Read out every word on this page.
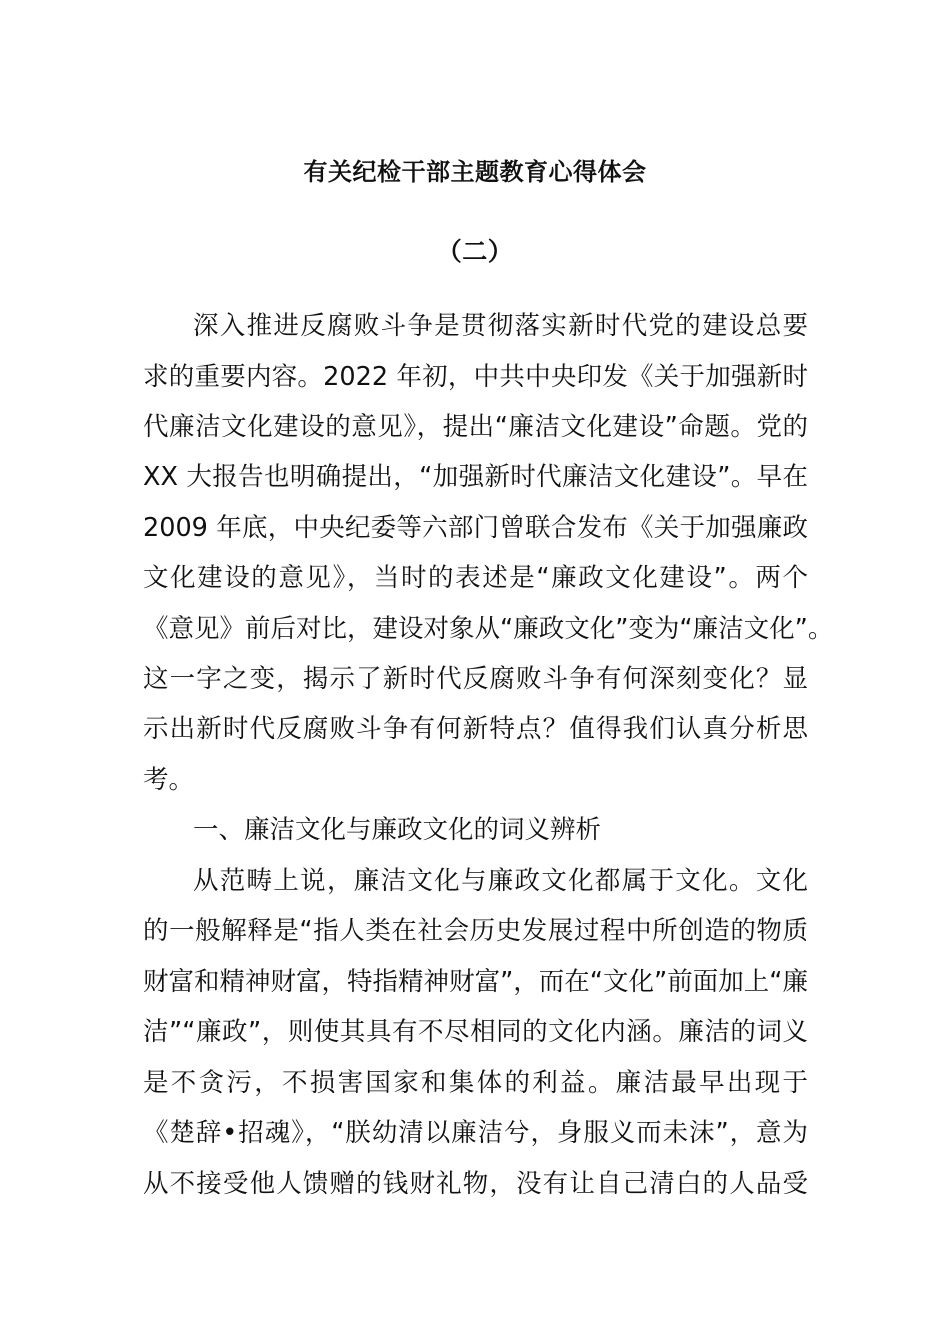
有关纪检干部主题教育心得体会
（二）
深入推进反腐败斗争是贯彻落实新时代党的建设总要
求的重要内容。2022 年初，中共中央印发《关于加强新时
代廉洁文化建设的意见》，提出“廉洁文化建设”命题。党的
XX 大报告也明确提出，“加强新时代廉洁文化建设”。早在
2009 年底，中央纪委等六部门曾联合发布《关于加强廉政
文化建设的意见》，当时的表述是“廉政文化建设”。两个
《意见》前后对比，建设对象从“廉政文化”变为“廉洁文化”。
这一字之变，揭示了新时代反腐败斗争有何深刻变化？显
示出新时代反腐败斗争有何新特点？值得我们认真分析思
考。
一、廉洁文化与廉政文化的词义辨析
从范畴上说，廉洁文化与廉政文化都属于文化。文化
的一般解释是“指人类在社会历史发展过程中所创造的物质
财富和精神财富，特指精神财富”，而在“文化”前面加上“廉
洁”“廉政”，则使其具有不尽相同的文化内涵。廉洁的词义
是不贪污，不损害国家和集体的利益。廉洁最早出现于
《楚辞•招魂》，“朕幼清以廉洁兮，身服义而未沫”，意为
从不接受他人馈赠的钱财礼物，没有让自己清白的人品受
